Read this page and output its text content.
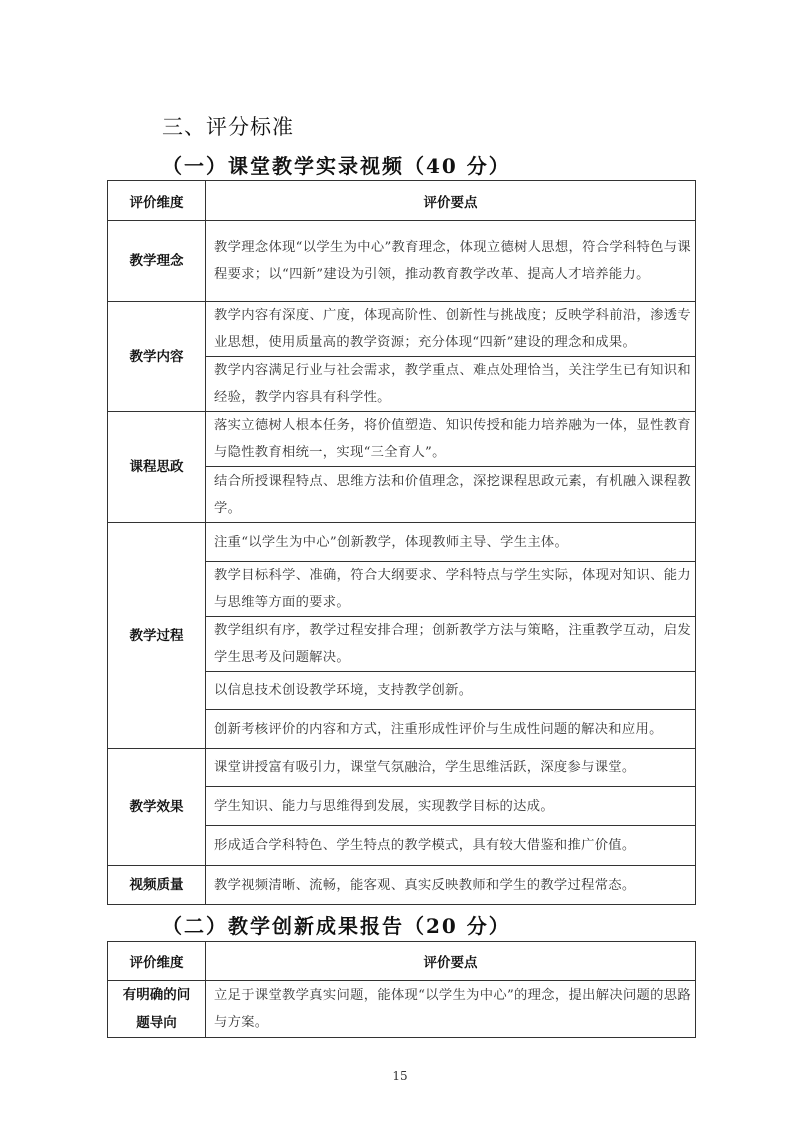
三、评分标准
（一）课堂教学实录视频（40 分）
评价维度	评价要点
教学理念	教学理念体现“以学生为中心”教育理念，体现立德树人思想，符合学科特色与课程要求；以“四新”建设为引领，推动教育教学改革、提高人才培养能力。
教学内容	教学内容有深度、广度，体现高阶性、创新性与挑战度；反映学科前沿，渗透专业思想，使用质量高的教学资源；充分体现“四新”建设的理念和成果。
	教学内容满足行业与社会需求，教学重点、难点处理恰当，关注学生已有知识和经验，教学内容具有科学性。
课程思政	落实立德树人根本任务，将价值塑造、知识传授和能力培养融为一体，显性教育与隐性教育相统一，实现“三全育人”。
	结合所授课程特点、思维方法和价值理念，深挖课程思政元素，有机融入课程教学。
教学过程	注重“以学生为中心”创新教学，体现教师主导、学生主体。
	教学目标科学、准确，符合大纲要求、学科特点与学生实际，体现对知识、能力与思维等方面的要求。
	教学组织有序，教学过程安排合理；创新教学方法与策略，注重教学互动，启发学生思考及问题解决。
	以信息技术创设教学环境，支持教学创新。
	创新考核评价的内容和方式，注重形成性评价与生成性问题的解决和应用。
教学效果	课堂讲授富有吸引力，课堂气氛融洽，学生思维活跃，深度参与课堂。
	学生知识、能力与思维得到发展，实现教学目标的达成。
	形成适合学科特色、学生特点的教学模式，具有较大借鉴和推广价值。
视频质量	教学视频清晰、流畅，能客观、真实反映教师和学生的教学过程常态。
（二）教学创新成果报告（20 分）
评价维度	评价要点
有明确的问题导向	立足于课堂教学真实问题，能体现“以学生为中心”的理念，提出解决问题的思路与方案。
15
